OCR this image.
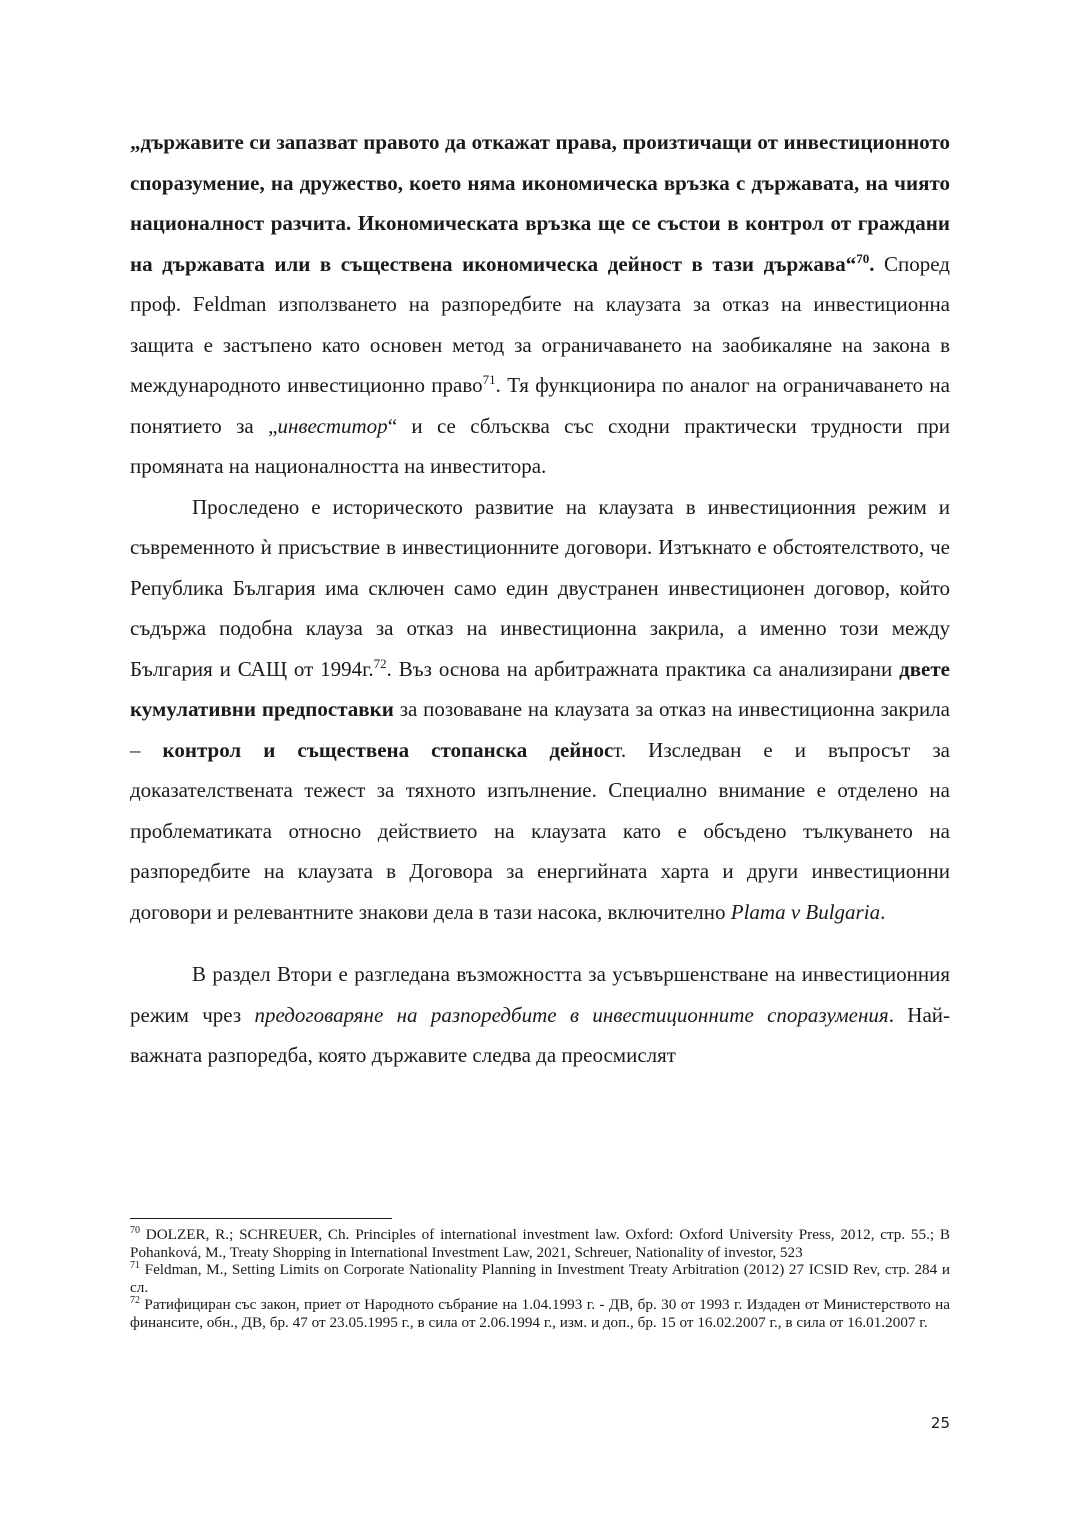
„държавите си запазват правото да откажат права, произтичащи от инвестиционното споразумение, на дружество, което няма икономическа връзка с държавата, на чиято националност разчита. Икономическата връзка ще се състои в контрол от граждани на държавата или в съществена икономическа дейност в тази държава“$^{70}$. Според проф. Feldman използването на разпоредбите на клаузата за отказ на инвестиционна защита е застъпено като основен метод за ограничаването на заобикаляне на закона в международното инвестиционно право$^{71}$. Тя функционира по аналог на ограничаването на понятието за „инвеститор“ и се сблъсква със сходни практически трудности при промяната на националността на инвеститора.

Проследено е историческото развитие на клаузата в инвестиционния режим и съвременното ѝ присъствие в инвестиционните договори. Изтъкнато е обстоятелството, че Република България има сключен само един двустранен инвестиционен договор, който съдържа подобна клауза за отказ на инвестиционна закрила, а именно този между България и САЩ от 1994г.$^{72}$. Въз основа на арбитражната практика са анализирани двете кумулативни предпоставки за позоваване на клаузата за отказ на инвестиционна закрила – контрол и съществена стопанска дейност. Изследван е и въпросът за доказателствената тежест за тяхното изпълнение. Специално внимание е отделено на проблематиката относно действието на клаузата като е обсъдено тълкуването на разпоредбите на клаузата в Договора за енергийната харта и други инвестиционни договори и релевантните знакови дела в тази насока, включително Plama v Bulgaria.

В раздел Втори е разгледана възможността за усъвършенстване на инвестиционния режим чрез предоговаряне на разпоредбите в инвестиционните споразумения. Най-важната разпоредба, която държавите следва да преосмислят

$^{70}$ DOLZER, R.; SCHREUER, Ch. Principles of international investment law. Oxford: Oxford University Press, 2012, стр. 55.; В Pohanková, M., Treaty Shopping in International Investment Law, 2021, Schreuer, Nationality of investor, 523

$^{71}$ Feldman, M., Setting Limits on Corporate Nationality Planning in Investment Treaty Arbitration (2012) 27 ICSID Rev, стр. 284 и сл.

$^{72}$ Ратифициран със закон, приет от Народното събрание на 1.04.1993 г. - ДВ, бр. 30 от 1993 г. Издаден от Министерството на финансите, обн., ДВ, бр. 47 от 23.05.1995 г., в сила от 2.06.1994 г., изм. и доп., бр. 15 от 16.02.2007 г., в сила от 16.01.2007 г.

25
